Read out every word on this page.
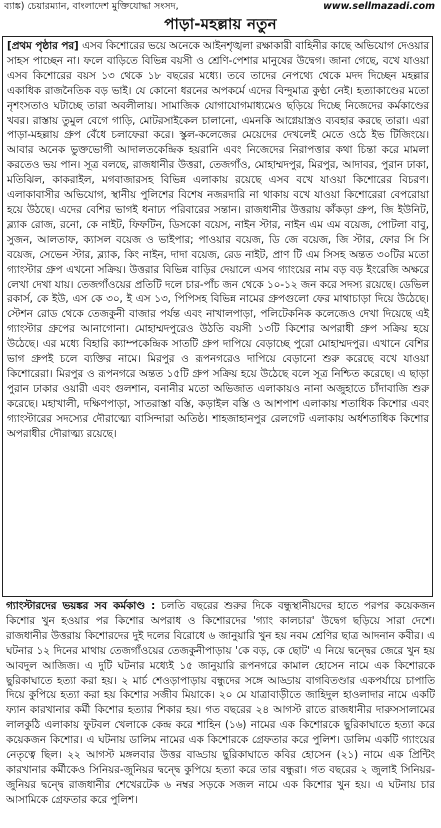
ব্যাঙ্ক) চেয়ারম্যান, বাংলাদেশ মুক্তিযোদ্ধা সংসদ,	www.sellmazadi.com
পাড়া-মহল্লায় নতুন
[প্রথম পৃষ্ঠার পর] এসব কিশোরের ভয়ে অনেকে আইনশৃঙ্খলা রক্ষাকারী বাহিনীর কাছে অভিযোগ দেওয়ার সাহস পাচ্ছেন না। ফলে বাড়িতে বিভিন্ন বয়সী ও শ্রেণি-পেশার মানুষের উদ্বেগ। জানা গেছে, বখে যাওয়া এসব কিশোরের বয়স ১৩ থেকে ১৮ বছরের মধ্যে। তবে তাদের নেপথ্যে থেকে মদদ দিচ্ছেন মহল্লার একাধিক রাজনৈতিক বড় ভাই। যে কোনো ধরনের অপকর্মে এদের বিন্দুমাত্র কুণ্ঠা নেই। হত্যাকাণ্ডের মতো নৃশংসতাও ঘটাচ্ছে তারা অবলীলায়। সামাজিক যোগাযোগমাধ্যমেও ছড়িয়ে দিচ্ছে নিজেদের কর্মকাণ্ডের খবর। রাস্তায় তুমুল বেগে গাড়ি, মোটরসাইকেল চালানো, এমনকি আগ্নেয়াস্ত্রও ব্যবহার করছে তারা। এরা পাড়া-মহল্লায় গ্রুপ বেঁধে চলাফেরা করে। স্কুল-কলেজের মেয়েদের দেখলেই মেতে ওঠে ইভ টিজিংয়ে। আবার অনেক ভুক্তভোগী আদালতকেন্দ্রিক হয়রানি এবং নিজেদের নিরাপত্তার কথা চিন্তা করে মামলা করতেও ভয় পান। সূত্র বলছে, রাজধানীর উত্তরা, তেজগাঁও, মোহাম্মদপুর, মিরপুর, আদাবর, পুরান ঢাকা, মতিঝিল, কাকরাইল, মগবাজারসহ বিভিন্ন এলাকায় রয়েছে এসব বখে যাওয়া কিশোরের বিচরণ। এলাকাবাসীর অভিযোগ, স্থানীয় পুলিশের বিশেষ নজরদারি না থাকায় বখে যাওয়া কিশোরেরা বেপরোয়া হয়ে উঠছে। এদের বেশির ভাগই ধনাঢ্য পরিবারের সন্তান। রাজধানীর উত্তরায় কাঁকড়া গ্রুপ, জি ইউনিট, ব্ল্যাক রোজ, রনো, কে নাইট, ফিফটিন, ডিসকো বয়েস, নাইন স্টার, নাইন এম এম বয়েজ, পোটলা বাবু, সুজন, আলতাফ, ক্যাসল বয়েজ ও ভাইপার; পাওয়ার বয়েজ, ডি জে বয়েজ, জি স্টার, ফোর সি সি বয়েজ, সেভেন স্টার, ব্ল্যাক, কিং নাইন, দাদা বয়েজ, রেড নাইট, প্রাণ টি এম সিসহ অন্তত ৩০টির মতো গ্যাংস্টার গ্রুপ এখনো সক্রিয়। উত্তরার বিভিন্ন বাড়ির দেয়ালে এসব গ্যাংয়ের নাম বড় বড় ইংরেজি অক্ষরে লেখা দেখা যায়। তেজগাঁওয়ের প্রতিটি দলে চার-পাঁচ জন থেকে ১০-১২ জন করে সদস্য রয়েছে। ডেভিল রকার্স, কে ইউ, এস কে ৩০, ই এস ১৩, পিপিসহ বিভিন্ন নামের গ্রুপগুলো ফের মাথাচাড়া দিয়ে উঠেছে। স্টেশন রোড থেকে তেজকুনী বাজার পর্যন্ত এবং নাখালপাড়া, পলিটেকনিক কলেজেও দেখা দিয়েছে এই গ্যাংস্টার গ্রুপের আনাগোনা। মোহাম্মদপুরেও উঠতি বয়সী ১৩টি কিশোর অপরাধী গ্রুপ সক্রিয় হয়ে উঠেছে। এর মধ্যে বিহারি ক্যাম্পকেন্দ্রিক সাতটি গ্রুপ দাপিয়ে বেড়াচ্ছে পুরো মোহাম্মদপুর। এখানে বেশির ভাগ গ্রুপই চলে ব্যক্তির নামে। মিরপুর ও রূপনগরেও দাপিয়ে বেড়ানো শুরু করেছে বখে যাওয়া কিশোরেরা। মিরপুর ও রূপনগরে অন্তত ১৫টি গ্রুপ সক্রিয় হয়ে উঠেছে বলে সূত্র নিশ্চিত করেছে। এ ছাড়া পুরান ঢাকার ওয়ারী এবং গুলশান, বনানীর মতো অভিজাত এলাকায়ও নানা অজুহাতে চাঁদাবাজি শুরু করেছে। মহাখালী, দক্ষিণপাড়া, সাতরাস্তা বস্তি, কড়াইল বস্তি ও আশপাশ এলাকায় শতাধিক কিশোর এবং গ্যাংস্টারের সদস্যের দৌরাত্ম্যে বাসিন্দারা অতিষ্ঠ। শাহজাহানপুর রেলগেট এলাকায় অর্ধশতাধিক কিশোর অপরাধীর দৌরাত্ম্য রয়েছে।
গ্যাংস্টারদের ভয়ঙ্কর সব কর্মকাণ্ড : চলতি বছরের শুরুর দিকে বন্ধুস্থানীয়দের হাতে পরপর কয়েকজন কিশোর খুন হওয়ার পর কিশোর অপরাধ ও কিশোরদের 'গ্যাং কালচার' উদ্বেগ ছড়িয়ে সারা দেশে। রাজধানীর উত্তরায় কিশোরদের দুই দলের বিরোধে ৬ জানুয়ারি খুন হয় নবম শ্রেণির ছাত্র আদনান কবীর। এ ঘটনার ১২ দিনের মাথায় তেজগাঁওয়ের তেজকুনীপাড়ায় 'কে বড়, কে ছোট' এ নিয়ে দ্বন্দ্বের জেরে খুন হয় আবদুল আজিজ। এ দুটি ঘটনার মধ্যেই ১৫ জানুয়ারি রূপনগরে কামাল হোসেন নামে এক কিশোরকে ছুরিকাঘাতে হত্যা করা হয়। ২ মার্চ শেওড়াপাড়ায় বন্ধুদের সঙ্গে আড্ডায় বাগবিতণ্ডার একপর্যায়ে চাপাতি দিয়ে কুপিয়ে হত্যা করা হয় কিশোর সজীব মিয়াকে। ২০ মে যাত্রাবাড়ীতে জাহিদুল হাওলাদার নামে একটি ফ্যান কারখানার কর্মী কিশোর হত্যার শিকার হয়। গত বছরের ২৪ আগস্ট রাতে রাজধানীর দারুসসালামের লালকুঠি এলাকায় ফুটবল খেলাকে কেন্দ্র করে শাহিন (১৬) নামের এক কিশোরকে ছুরিকাঘাতে হত্যা করে কয়েকজন কিশোর। এ ঘটনায় ডালিম নামের এক কিশোরকে গ্রেফতার করে পুলিশ। ডালিম একটি গ্যাংয়ের নেতৃত্বে ছিল। ২২ আগস্ট মঙ্গলবার উত্তর বাড্ডায় ছুরিকাঘাতে কবির হোসেন (২১) নামে এক প্রিন্টিং কারখানার কর্মীকেও সিনিয়র-জুনিয়র দ্বন্দ্বে কুপিয়ে হত্যা করে তার বন্ধুরা। গত বছরের ২ জুলাই সিনিয়র-জুনিয়র দ্বন্দ্বে রাজধানীর শেখেরটেক ৬ নম্বর সড়কে সজল নামে এক কিশোর খুন হয়। এ ঘটনায় চার আসামিকে গ্রেফতার করে পুলিশ।
